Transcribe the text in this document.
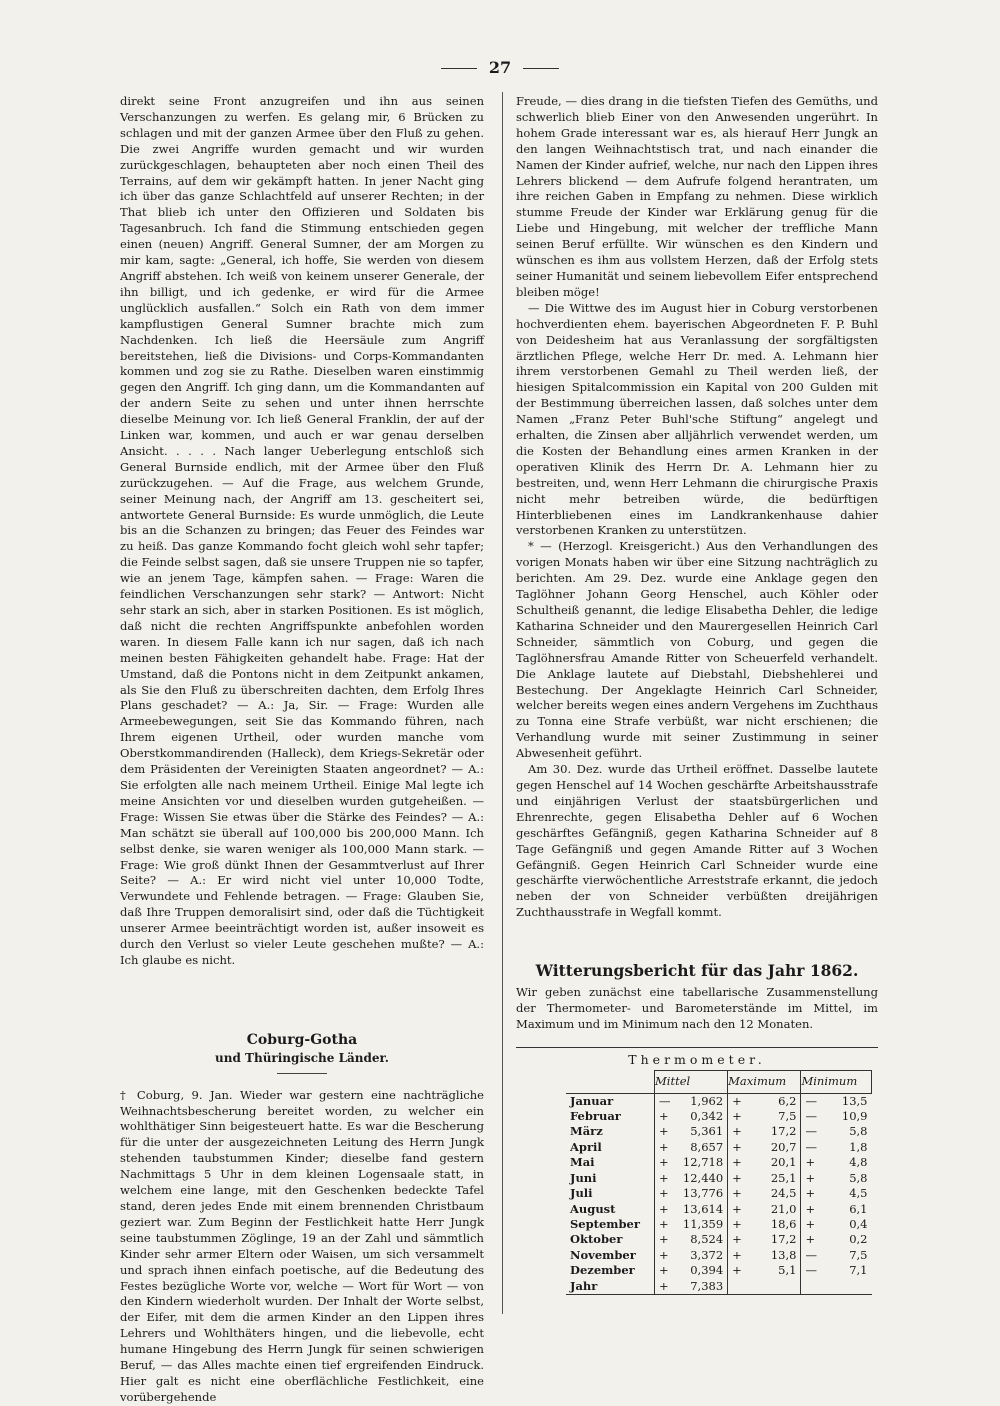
27

direkt seine Front anzugreifen und ihn aus seinen Verschanzungen zu werfen. Es gelang mir, 6 Brücken zu schlagen und mit der ganzen Armee über den Fluß zu gehen. Die zwei Angriffe wurden gemacht und wir wurden zurückgeschlagen, behaupteten aber noch einen Theil des Terrains, auf dem wir gekämpft hatten. In jener Nacht ging ich über das ganze Schlachtfeld auf unserer Rechten; in der That blieb ich unter den Offizieren und Soldaten bis Tagesanbruch. Ich fand die Stimmung entschieden gegen einen (neuen) Angriff. General Sumner, der am Morgen zu mir kam, sagte: „General, ich hoffe, Sie werden von diesem Angriff abstehen. Ich weiß von keinem unserer Generale, der ihn billigt, und ich gedenke, er wird für die Armee unglücklich ausfallen.“ Solch ein Rath von dem immer kampflustigen General Sumner brachte mich zum Nachdenken. Ich ließ die Heersäule zum Angriff bereitstehen, ließ die Divisions- und Corps-Kommandanten kommen und zog sie zu Rathe. Dieselben waren einstimmig gegen den Angriff. Ich ging dann, um die Kommandanten auf der andern Seite zu sehen und unter ihnen herrschte dieselbe Meinung vor. Ich ließ General Franklin, der auf der Linken war, kommen, und auch er war genau derselben Ansicht. . . . . Nach langer Ueberlegung entschloß sich General Burnside endlich, mit der Armee über den Fluß zurückzugehen. — Auf die Frage, aus welchem Grunde, seiner Meinung nach, der Angriff am 13. gescheitert sei, antwortete General Burnside: Es wurde unmöglich, die Leute bis an die Schanzen zu bringen; das Feuer des Feindes war zu heiß. Das ganze Kommando focht gleich wohl sehr tapfer; die Feinde selbst sagen, daß sie unsere Truppen nie so tapfer, wie an jenem Tage, kämpfen sahen. — Frage: Waren die feindlichen Verschanzungen sehr stark? — Antwort: Nicht sehr stark an sich, aber in starken Positionen. Es ist möglich, daß nicht die rechten Angriffspunkte anbefohlen worden waren. In diesem Falle kann ich nur sagen, daß ich nach meinen besten Fähigkeiten gehandelt habe. Frage: Hat der Umstand, daß die Pontons nicht in dem Zeitpunkt ankamen, als Sie den Fluß zu überschreiten dachten, dem Erfolg Ihres Plans geschadet? — A.: Ja, Sir. — Frage: Wurden alle Armeebewegungen, seit Sie das Kommando führen, nach Ihrem eigenen Urtheil, oder wurden manche vom Oberstkommandirenden (Halleck), dem Kriegs-Sekretär oder dem Präsidenten der Vereinigten Staaten angeordnet? — A.: Sie erfolgten alle nach meinem Urtheil. Einige Mal legte ich meine Ansichten vor und dieselben wurden gutgeheißen. — Frage: Wissen Sie etwas über die Stärke des Feindes? — A.: Man schätzt sie überall auf 100,000 bis 200,000 Mann. Ich selbst denke, sie waren weniger als 100,000 Mann stark. — Frage: Wie groß dünkt Ihnen der Gesammtverlust auf Ihrer Seite? — A.: Er wird nicht viel unter 10,000 Todte, Verwundete und Fehlende betragen. — Frage: Glauben Sie, daß Ihre Truppen demoralisirt sind, oder daß die Tüchtigkeit unserer Armee beeinträchtigt worden ist, außer insoweit es durch den Verlust so vieler Leute geschehen mußte? — A.: Ich glaube es nicht.

Coburg-Gotha
und Thüringische Länder.

† Coburg, 9. Jan. Wieder war gestern eine nachträgliche Weihnachtsbescherung bereitet worden, zu welcher ein wohlthätiger Sinn beigesteuert hatte. Es war die Bescherung für die unter der ausgezeichneten Leitung des Herrn Jungk stehenden taubstummen Kinder; dieselbe fand gestern Nachmittags 5 Uhr in dem kleinen Logensaale statt, in welchem eine lange, mit den Geschenken bedeckte Tafel stand, deren jedes Ende mit einem brennenden Christbaum geziert war. Zum Beginn der Festlichkeit hatte Herr Jungk seine taubstummen Zöglinge, 19 an der Zahl und sämmtlich Kinder sehr armer Eltern oder Waisen, um sich versammelt und sprach ihnen einfach poetische, auf die Bedeutung des Festes bezügliche Worte vor, welche — Wort für Wort — von den Kindern wiederholt wurden. Der Inhalt der Worte selbst, der Eifer, mit dem die armen Kinder an den Lippen ihres Lehrers und Wohlthäters hingen, und die liebevolle, echt humane Hingebung des Herrn Jungk für seinen schwierigen Beruf, — das Alles machte einen tief ergreifenden Eindruck. Hier galt es nicht eine oberflächliche Festlichkeit, eine vorübergehende

Freude, — dies drang in die tiefsten Tiefen des Gemüths, und schwerlich blieb Einer von den Anwesenden ungerührt. In hohem Grade interessant war es, als hierauf Herr Jungk an den langen Weihnachtstisch trat, und nach einander die Namen der Kinder aufrief, welche, nur nach den Lippen ihres Lehrers blickend — dem Aufrufe folgend herantraten, um ihre reichen Gaben in Empfang zu nehmen. Diese wirklich stumme Freude der Kinder war Erklärung genug für die Liebe und Hingebung, mit welcher der treffliche Mann seinen Beruf erfüllte. Wir wünschen es den Kindern und wünschen es ihm aus vollstem Herzen, daß der Erfolg stets seiner Humanität und seinem liebevollem Eifer entsprechend bleiben möge!

— Die Wittwe des im August hier in Coburg verstorbenen hochverdienten ehem. bayerischen Abgeordneten F. P. Buhl von Deidesheim hat aus Veranlassung der sorgfältigsten ärztlichen Pflege, welche Herr Dr. med. A. Lehmann hier ihrem verstorbenen Gemahl zu Theil werden ließ, der hiesigen Spitalcommission ein Kapital von 200 Gulden mit der Bestimmung überreichen lassen, daß solches unter dem Namen „Franz Peter Buhl'sche Stiftung“ angelegt und erhalten, die Zinsen aber alljährlich verwendet werden, um die Kosten der Behandlung eines armen Kranken in der operativen Klinik des Herrn Dr. A. Lehmann hier zu bestreiten, und, wenn Herr Lehmann die chirurgische Praxis nicht mehr betreiben würde, die bedürftigen Hinterbliebenen eines im Landkrankenhause dahier verstorbenen Kranken zu unterstützen.

* — (Herzogl. Kreisgericht.) Aus den Verhandlungen des vorigen Monats haben wir über eine Sitzung nachträglich zu berichten. Am 29. Dez. wurde eine Anklage gegen den Taglöhner Johann Georg Henschel, auch Köhler oder Schultheiß genannt, die ledige Elisabetha Dehler, die ledige Katharina Schneider und den Maurergesellen Heinrich Carl Schneider, sämmtlich von Coburg, und gegen die Taglöhnersfrau Amande Ritter von Scheuerfeld verhandelt. Die Anklage lautete auf Diebstahl, Diebshehlerei und Bestechung. Der Angeklagte Heinrich Carl Schneider, welcher bereits wegen eines andern Vergehens im Zuchthaus zu Tonna eine Strafe verbüßt, war nicht erschienen; die Verhandlung wurde mit seiner Zustimmung in seiner Abwesenheit geführt.

Am 30. Dez. wurde das Urtheil eröffnet. Dasselbe lautete gegen Henschel auf 14 Wochen geschärfte Arbeitshausstrafe und einjährigen Verlust der staatsbürgerlichen und Ehrenrechte, gegen Elisabetha Dehler auf 6 Wochen geschärftes Gefängniß, gegen Katharina Schneider auf 8 Tage Gefängniß und gegen Amande Ritter auf 3 Wochen Gefängniß. Gegen Heinrich Carl Schneider wurde eine geschärfte vierwöchentliche Arreststrafe erkannt, die jedoch neben der von Schneider verbüßten dreijährigen Zuchthausstrafe in Wegfall kommt.

Witterungsbericht für das Jahr 1862.

Wir geben zunächst eine tabellarische Zusammenstellung der Thermometer- und Barometerstände im Mittel, im Maximum und im Minimum nach den 12 Monaten.

Thermometer.
	Mittel	Maximum	Minimum
Januar	— 1,962	+ 6,2	— 13,5
Februar	+ 0,342	+ 7,5	— 10,9
März	+ 5,361	+ 17,2	— 5,8
April	+ 8,657	+ 20,7	— 1,8
Mai	+ 12,718	+ 20,1	+ 4,8
Juni	+ 12,440	+ 25,1	+ 5,8
Juli	+ 13,776	+ 24,5	+ 4,5
August	+ 13,614	+ 21,0	+ 6,1
September	+ 11,359	+ 18,6	+ 0,4
Oktober	+ 8,524	+ 17,2	+ 0,2
November	+ 3,372	+ 13,8	— 7,5
Dezember	+ 0,394	+ 5,1	— 7,1
Jahr	+ 7,383	
